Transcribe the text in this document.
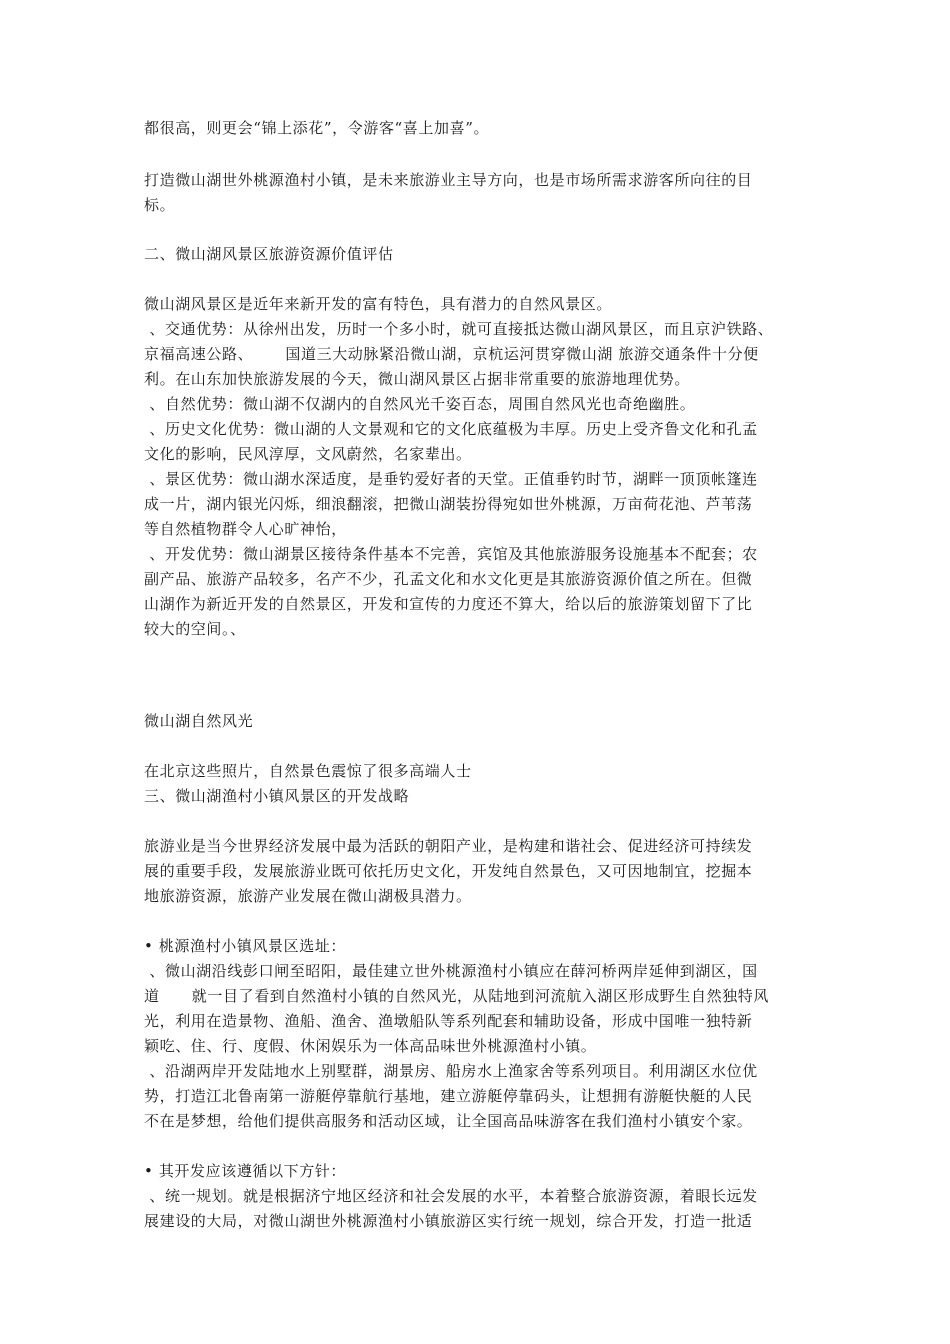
都很高，则更会“锦上添花”，令游客“喜上加喜”。
打造微山湖世外桃源渔村小镇，是未来旅游业主导方向，也是市场所需求游客所向往的目
标。
二、微山湖风景区旅游资源价值评估
微山湖风景区是近年来新开发的富有特色，具有潜力的自然风景区。
、交通优势：从徐州出发，历时一个多小时，就可直接抵达微山湖风景区，而且京沪铁路、
京福高速公路、      国道三大动脉紧沿微山湖，京杭运河贯穿微山湖 旅游交通条件十分便
利。在山东加快旅游发展的今天，微山湖风景区占据非常重要的旅游地理优势。
、自然优势：微山湖不仅湖内的自然风光千姿百态，周围自然风光也奇绝幽胜。
、历史文化优势：微山湖的人文景观和它的文化底蕴极为丰厚。历史上受齐鲁文化和孔孟
文化的影响，民风淳厚，文风蔚然，名家辈出。
、景区优势：微山湖水深适度，是垂钓爱好者的天堂。正值垂钓时节，湖畔一顶顶帐篷连
成一片，湖内银光闪烁，细浪翻滚，把微山湖装扮得宛如世外桃源，万亩荷花池、芦苇荡
等自然植物群令人心旷神怡，
、开发优势：微山湖景区接待条件基本不完善，宾馆及其他旅游服务设施基本不配套；农
副产品、旅游产品较多，名产不少，孔孟文化和水文化更是其旅游资源价值之所在。但微
山湖作为新近开发的自然景区，开发和宣传的力度还不算大，给以后的旅游策划留下了比
较大的空间。、
微山湖自然风光
在北京这些照片，自然景色震惊了很多高端人士
三、微山湖渔村小镇风景区的开发战略
旅游业是当今世界经济发展中最为活跃的朝阳产业，是构建和谐社会、促进经济可持续发
展的重要手段，发展旅游业既可依托历史文化，开发纯自然景色，又可因地制宜，挖掘本
地旅游资源，旅游产业发展在微山湖极具潜力。
• 桃源渔村小镇风景区选址：
、微山湖沿线彭口闸至昭阳，最佳建立世外桃源渔村小镇应在薛河桥两岸延伸到湖区，国
道      就一目了看到自然渔村小镇的自然风光，从陆地到河流航入湖区形成野生自然独特风
光，利用在造景物、渔船、渔舍、渔墩船队等系列配套和辅助设备，形成中国唯一独特新
颖吃、住、行、度假、休闲娱乐为一体高品味世外桃源渔村小镇。
、沿湖两岸开发陆地水上别墅群，湖景房、船房水上渔家舍等系列项目。利用湖区水位优
势，打造江北鲁南第一游艇停靠航行基地，建立游艇停靠码头，让想拥有游艇快艇的人民
不在是梦想，给他们提供高服务和活动区域，让全国高品味游客在我们渔村小镇安个家。
• 其开发应该遵循以下方针：
、统一规划。就是根据济宁地区经济和社会发展的水平，本着整合旅游资源，着眼长远发
展建设的大局，对微山湖世外桃源渔村小镇旅游区实行统一规划，综合开发，打造一批适
